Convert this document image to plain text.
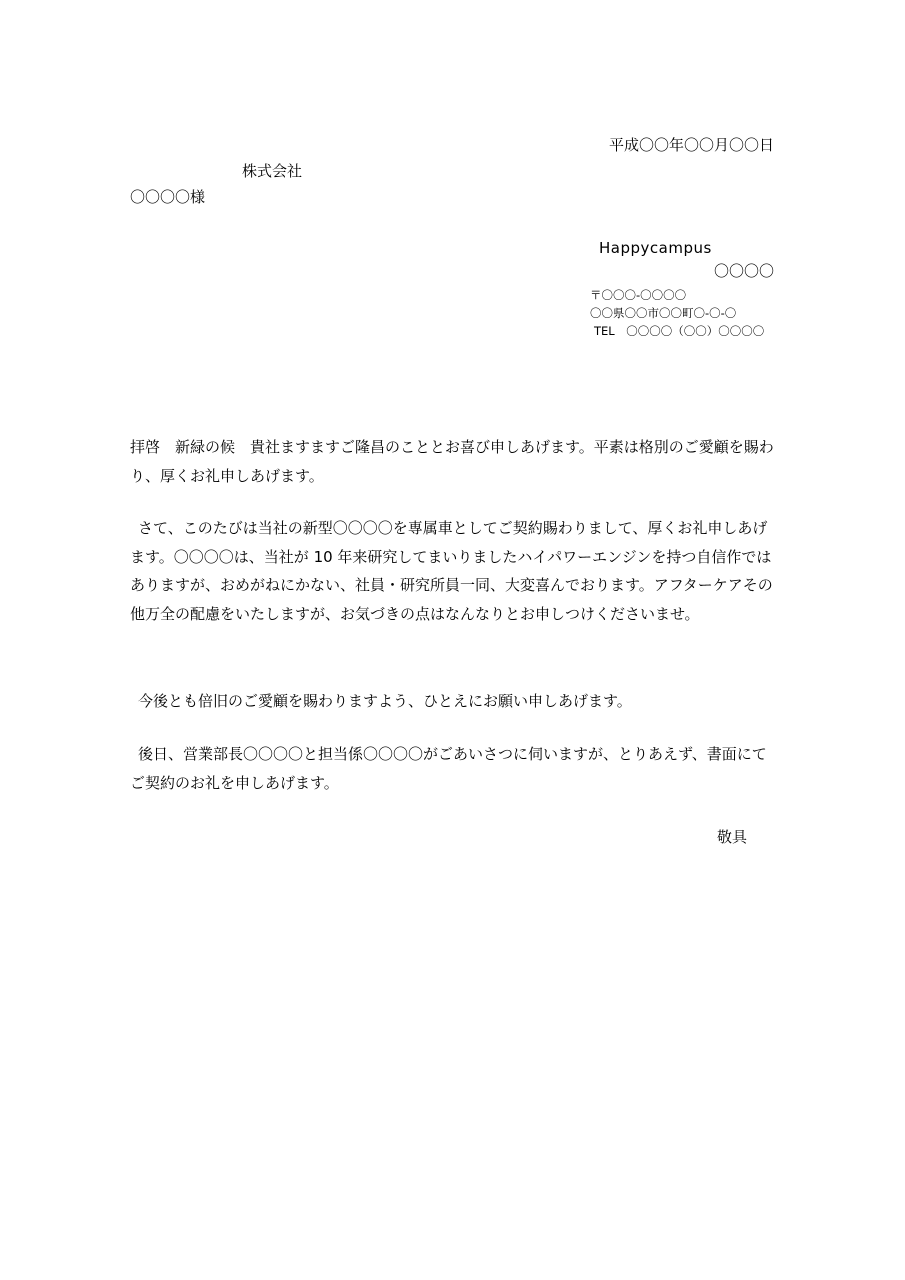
平成〇〇年〇〇月〇〇日
株式会社
〇〇〇〇様
Happycampus
〇〇〇〇
〒〇〇〇-〇〇〇〇
〇〇県〇〇市〇〇町〇-〇-〇
TEL　〇〇〇〇（〇〇）〇〇〇〇

拝啓　新緑の候　貴社ますますご隆昌のこととお喜び申しあげます。平素は格別のご愛顧を賜わり、厚くお礼申しあげます。

さて、このたびは当社の新型〇〇〇〇を専属車としてご契約賜わりまして、厚くお礼申しあげます。〇〇〇〇は、当社が 10 年来研究してまいりましたハイパワーエンジンを持つ自信作ではありますが、おめがねにかない、社員・研究所員一同、大変喜んでおります。アフターケアその他万全の配慮をいたしますが、お気づきの点はなんなりとお申しつけくださいませ。

今後とも倍旧のご愛顧を賜わりますよう、ひとえにお願い申しあげます。

後日、営業部長〇〇〇〇と担当係〇〇〇〇がごあいさつに伺いますが、とりあえず、書面にてご契約のお礼を申しあげます。

敬具
